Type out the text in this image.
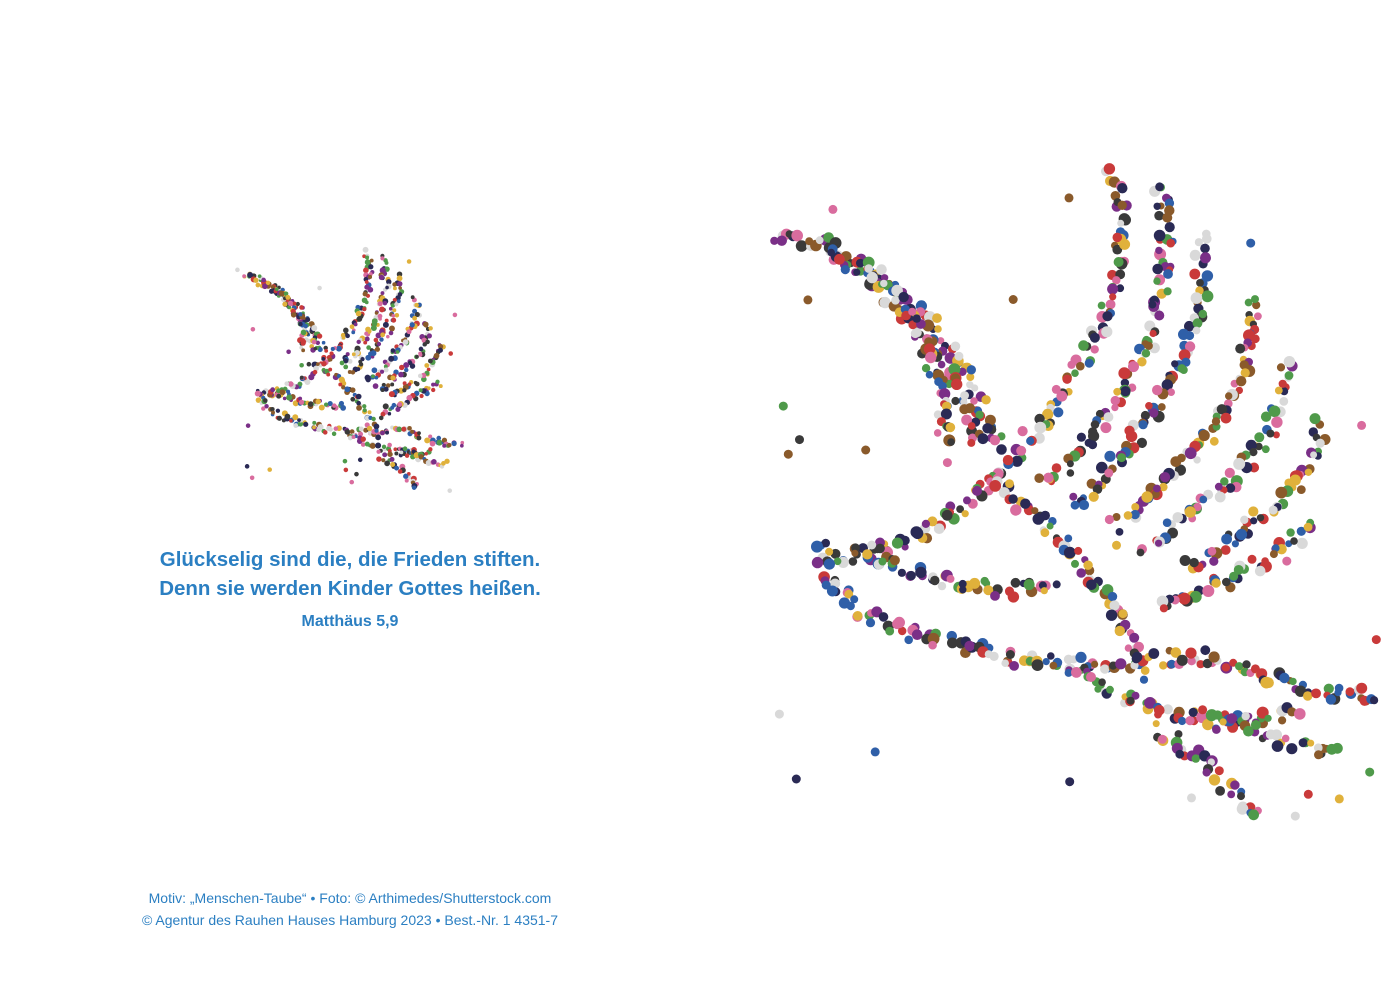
Glückselig sind die, die Frieden stiften.
Denn sie werden Kinder Gottes heißen.
Matthäus 5,9
Motiv: „Menschen-Taube“ • Foto: © Arthimedes/Shutterstock.com
© Agentur des Rauhen Hauses Hamburg 2023 • Best.-Nr. 1 4351-7
